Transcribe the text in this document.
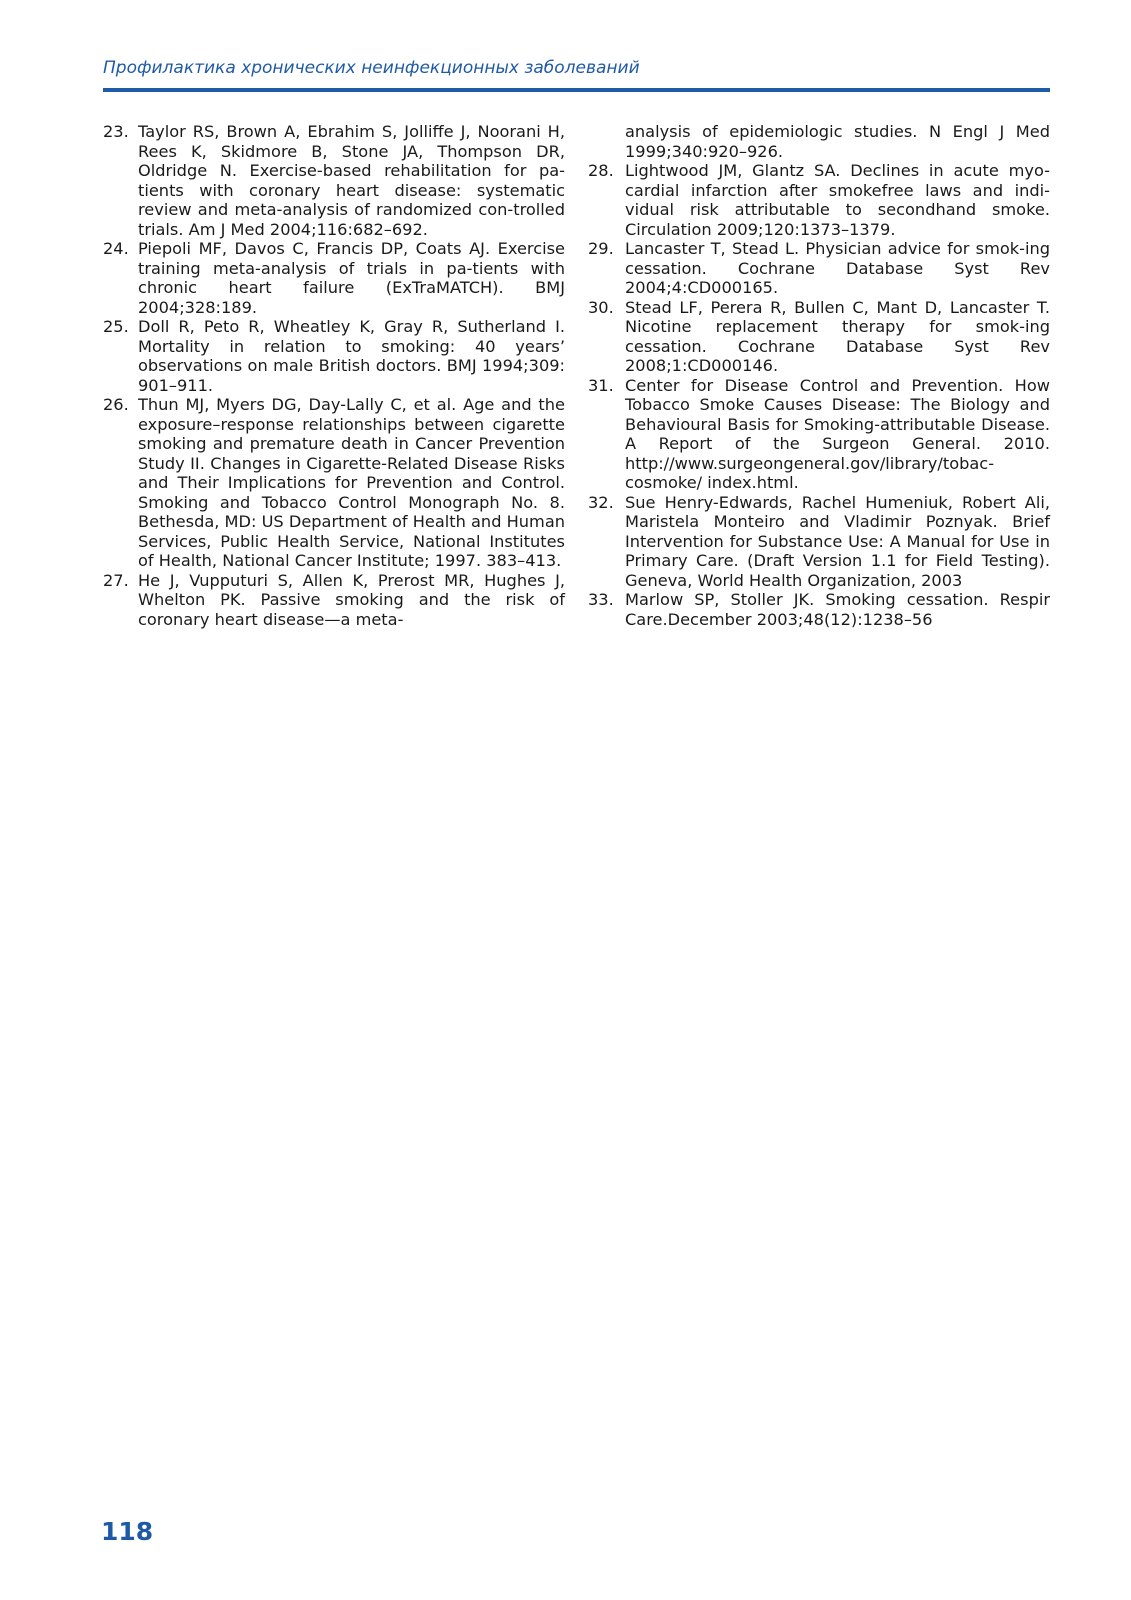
Профилактика хронических неинфекционных заболеваний
23. Taylor RS, Brown A, Ebrahim S, Jolliffe J, Noorani H, Rees K, Skidmore B, Stone JA, Thompson DR, Oldridge N. Exercise-based rehabilitation for pa-tients with coronary heart disease: systematic review and meta-analysis of randomized con-trolled trials. Am J Med 2004;116:682–692.
24. Piepoli MF, Davos C, Francis DP, Coats AJ. Exercise training meta-analysis of trials in pa-tients with chronic heart failure (ExTraMATCH). BMJ 2004;328:189.
25. Doll R, Peto R, Wheatley K, Gray R, Sutherland I. Mortality in relation to smoking: 40 years’ observations on male British doctors. BMJ 1994;309: 901–911.
26. Thun MJ, Myers DG, Day-Lally C, et al. Age and the exposure–response relationships between cigarette smoking and premature death in Cancer Prevention Study II. Changes in Cigarette-Related Disease Risks and Their Implications for Prevention and Control. Smoking and Tobacco Control Monograph No. 8. Bethesda, MD: US Department of Health and Human Services, Public Health Service, National Institutes of Health, National Cancer Institute; 1997. 383–413.
27. He J, Vupputuri S, Allen K, Prerost MR, Hughes J, Whelton PK. Passive smoking and the risk of coronary heart disease—a meta-
analysis of epidemiologic studies. N Engl J Med 1999;340:920–926.
28. Lightwood JM, Glantz SA. Declines in acute myo-cardial infarction after smokefree laws and indi-vidual risk attributable to secondhand smoke. Circulation 2009;120:1373–1379.
29. Lancaster T, Stead L. Physician advice for smok-ing cessation. Cochrane Database Syst Rev 2004;4:CD000165.
30. Stead LF, Perera R, Bullen C, Mant D, Lancaster T. Nicotine replacement therapy for smok-ing cessation. Cochrane Database Syst Rev 2008;1:CD000146.
31. Center for Disease Control and Prevention. How Tobacco Smoke Causes Disease: The Biology and Behavioural Basis for Smoking-attributable Disease. A Report of the Surgeon General. 2010. http://www.surgeongeneral.gov/library/tobac-cosmoke/ index.html.
32. Sue Henry-Edwards, Rachel Humeniuk, Robert Ali, Maristela Monteiro and Vladimir Poznyak. Brief Intervention for Substance Use: A Manual for Use in Primary Care. (Draft Version 1.1 for Field Testing). Geneva, World Health Organization, 2003
33. Marlow SP, Stoller JK. Smoking cessation. Respir Care.December 2003;48(12):1238–56
118
